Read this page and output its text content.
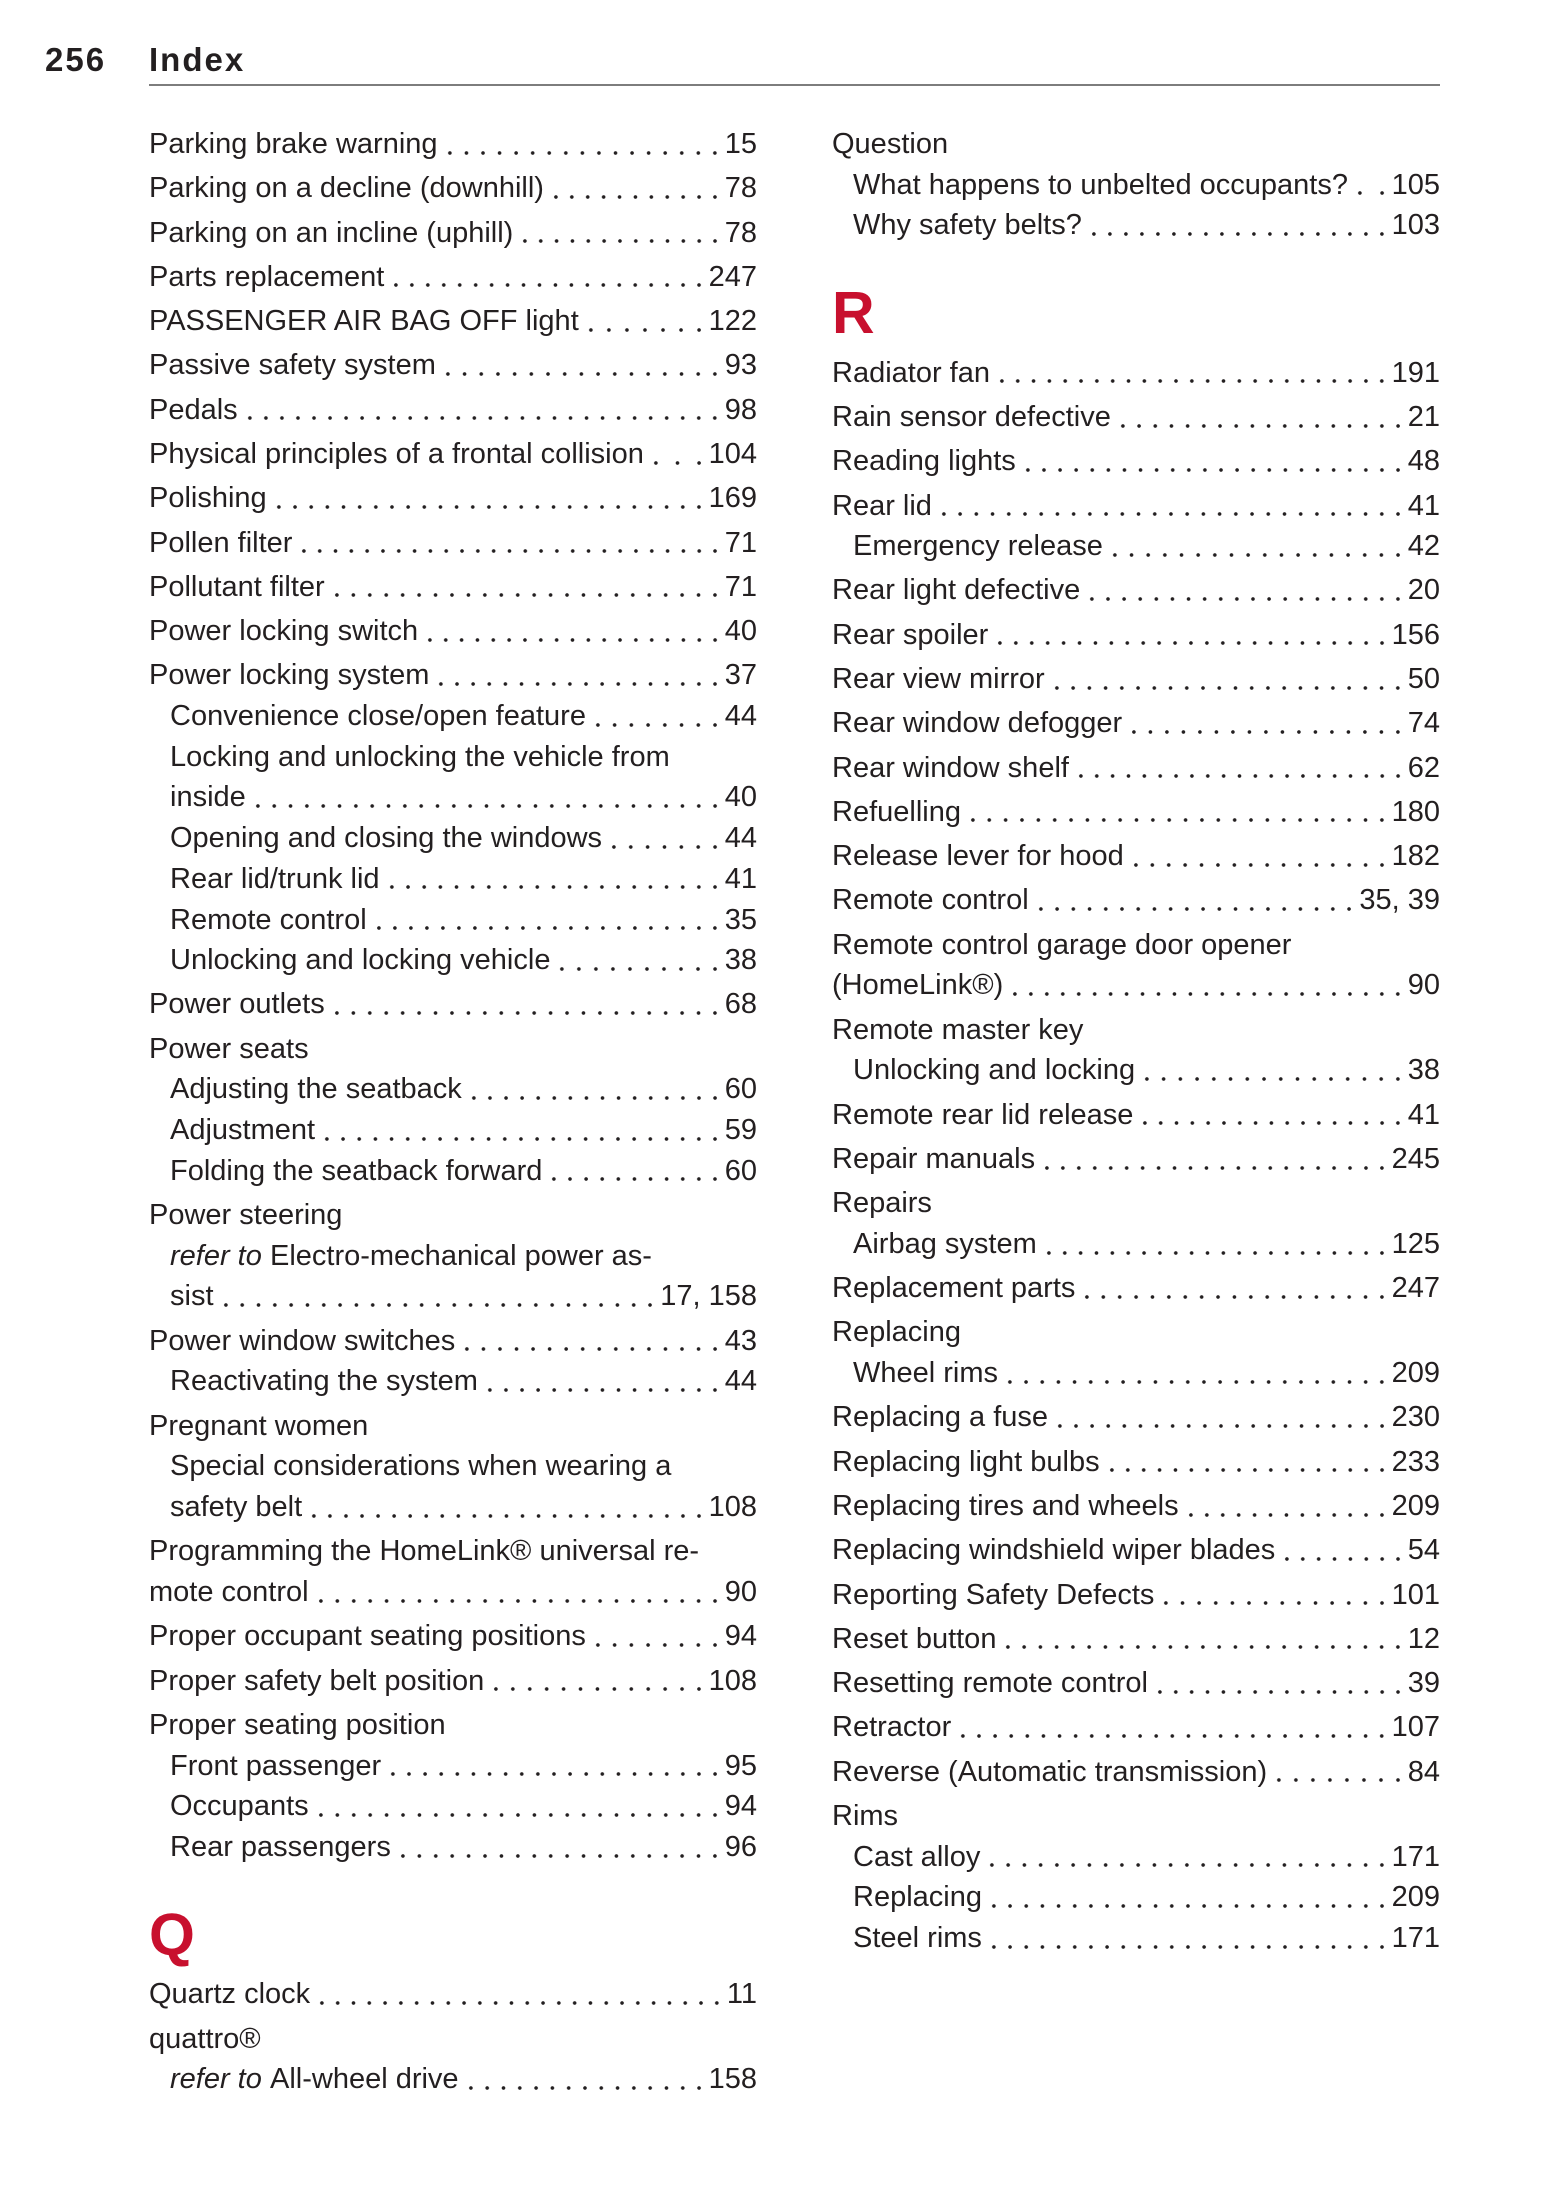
256 Index
Parking brake warning	15
Parking on a decline (downhill)	78
Parking on an incline (uphill)	78
Parts replacement	247
PASSENGER AIR BAG OFF light	122
Passive safety system	93
Pedals	98
Physical principles of a frontal collision 104
Polishing	169
Pollen filter	71
Pollutant filter	71
Power locking switch	40
Power locking system	37
Convenience close/open feature	44
Locking and unlocking the vehicle from
inside	40
Opening and closing the windows	44
Rear lid/trunk lid	41
Remote control	35
Unlocking and locking vehicle	38
Power outlets	68
Power seats
Adjusting the seatback	60
Adjustment	59
Folding the seatback forward	60
Power steering
refer to Electro-mechanical power as-
sist	17, 158
Power window switches	43
Reactivating the system	44
Pregnant women
Special considerations when wearing a
safety belt	108
Programming the HomeLink® universal re-
mote control	90
Proper occupant seating positions	94
Proper safety belt position	108
Proper seating position
Front passenger	95
Occupants	94
Rear passengers	96
Q
Quartz clock	11
quattro®
refer to All-wheel drive	158
Question
What happens to unbelted occupants? 105
Why safety belts?	103
R
Radiator fan	191
Rain sensor defective	21
Reading lights	48
Rear lid	41
Emergency release	42
Rear light defective	20
Rear spoiler	156
Rear view mirror	50
Rear window defogger	74
Rear window shelf	62
Refuelling	180
Release lever for hood	182
Remote control	35, 39
Remote control garage door opener
(HomeLink®)	90
Remote master key
Unlocking and locking	38
Remote rear lid release	41
Repair manuals	245
Repairs
Airbag system	125
Replacement parts	247
Replacing
Wheel rims	209
Replacing a fuse	230
Replacing light bulbs	233
Replacing tires and wheels	209
Replacing windshield wiper blades	54
Reporting Safety Defects	101
Reset button	12
Resetting remote control	39
Retractor	107
Reverse (Automatic transmission)	84
Rims
Cast alloy	171
Replacing	209
Steel rims	171
